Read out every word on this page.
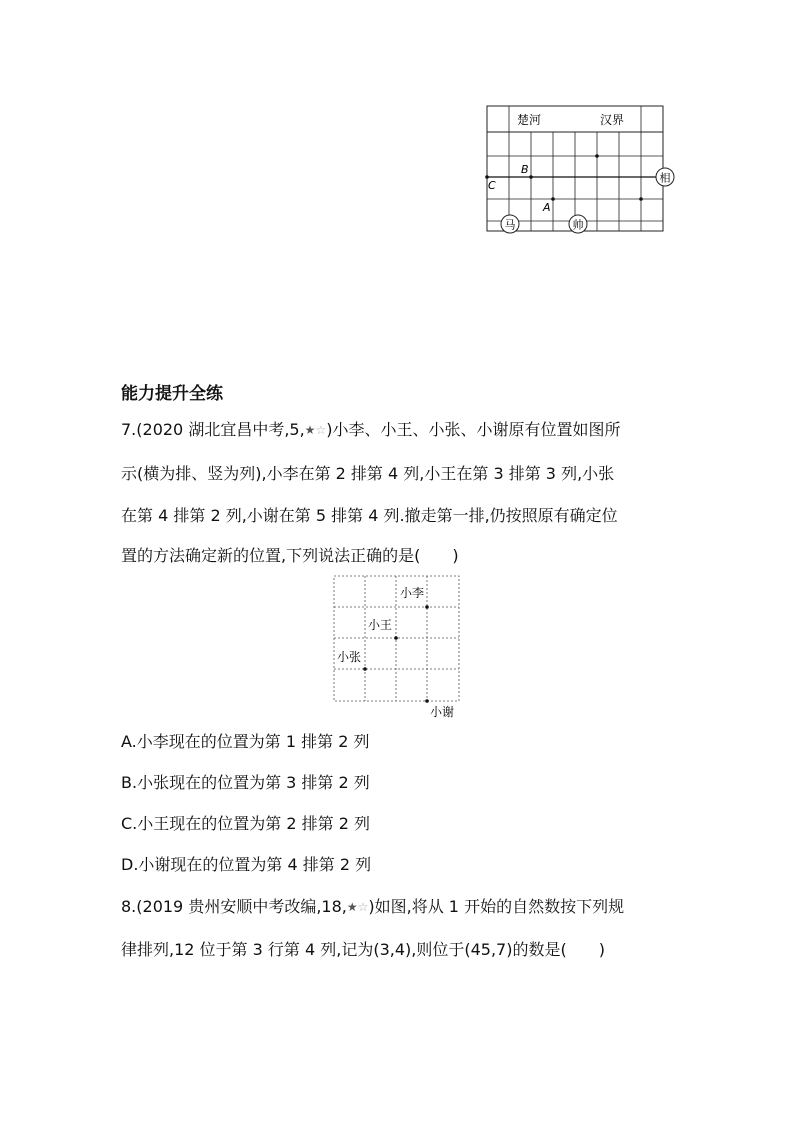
楚河	汉界
C
B
A
相
马	帅
能力提升全练
7.(2020 湖北宜昌中考,5,★☆)小李、小王、小张、小谢原有位置如图所
示(横为排、竖为列),小李在第 2 排第 4 列,小王在第 3 排第 3 列,小张
在第 4 排第 2 列,小谢在第 5 排第 4 列.撤走第一排,仍按照原有确定位
置的方法确定新的位置,下列说法正确的是(　　)
小李
小王
小张
小谢
A.小李现在的位置为第 1 排第 2 列
B.小张现在的位置为第 3 排第 2 列
C.小王现在的位置为第 2 排第 2 列
D.小谢现在的位置为第 4 排第 2 列
8.(2019 贵州安顺中考改编,18,★☆)如图,将从 1 开始的自然数按下列规
律排列,12 位于第 3 行第 4 列,记为(3,4),则位于(45,7)的数是(　　)
